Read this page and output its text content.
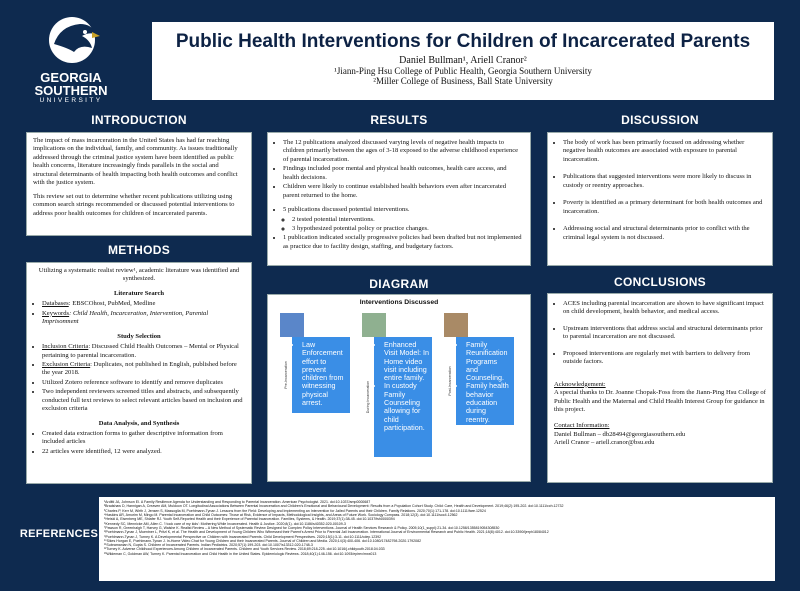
GEORGIA
SOUTHERN
UNIVERSITY
Public Health Interventions for Children of Incarcerated Parents
Daniel Bullman¹, Ariell Cranor²
¹Jiann-Ping Hsu College of Public Health, Georgia Southern University
²Miller College of Business, Ball State University
INTRODUCTION

The impact of mass incarceration in the United States has had far reaching implications on the individual, family, and community. As issues traditionally addressed through the criminal justice system have been identified as public health concerns, literature increasingly finds parallels in the social and structural determinants of health impacting both health outcomes and conflict with the justice system.

This review set out to determine whether recent publications utilizing using common search strings recommended or discussed potential interventions to address poor health outcomes for children of incarcerated parents.

METHODS

Utilizing a systematic realist review¹, academic literature was identified and synthesized.

Literature Search
• Databases: EBSCOhost, PubMed, Medline
• Keywords: Child Health, Incarceration, Intervention, Parental Imprisonment
Study Selection
• Inclusion Criteria: Discussed Child Health Outcomes – Mental or Physical pertaining to parental incarceration.
• Exclusion Criteria: Duplicates, not published in English, published before the year 2018.
• Utilized Zotero reference software to identify and remove duplicates
• Two independent reviewers screened titles and abstracts, and subsequently conducted full text reviews to select relevant articles based on inclusion and exclusion criteria
Data Analysis, and Synthesis
• Created data extraction forms to gather descriptive information from included articles
• 22 articles were identified, 12 were analyzed.
RESULTS
• The 12 publications analyzed discussed varying levels of negative health impacts to children primarily between the ages of 3-18 exposed to the adverse childhood experience of parental incarceration.
• Findings included poor mental and physical health outcomes, health care access, and health decisions.
• Children were likely to continue established health behaviors even after incarcerated parent returned to the home.
• 5 publications discussed potential interventions.
◦ 2 tested potential interventions.
◦ 3 hypothesized potential policy or practice changes.
• 1 publication indicated socially progressive policies had been drafted but not implemented as practice due to facility design, staffing, and budgetary factors.
DIAGRAM
Interventions Discussed
Pre-Incarceration
• Law Enforcement effort to prevent children from witnessing physical arrest.	During Incarceration
• Enhanced Visit Model: In Home video visit including entire family.
• In custody Family Counseling allowing for child participation.
Post-Incarceration
• Family Reunification Programs and Counseling.
• Family health behavior education during reentry.
DISCUSSION
• The body of work has been primarily focused on addressing whether negative health outcomes are associated with exposure to parental incarceration.
• Publications that suggested interventions were more likely to discuss in custody or reentry approaches.
• Poverty is identified as a primary determinant for both health outcomes and incarceration.
• Addressing social and structural determinants prior to conflict with the criminal legal system is not discussed.
CONCLUSIONS
• ACES including parental incarceration are shown to have significant impact on child development, health behavior, and medical access.
• Upstream interventions that address social and structural determinants prior to parental incarceration are not discussed.
• Proposed interventions are regularly met with barriers to delivery from outside factors.
Acknowledgement:
A special thanks to Dr. Joanne Chopak-Foss from the Jiann-Ping Hsu College of Public Health and the Maternal and Child Health Interest Group for guidance in this project.
Contact Information:
Daniel Bullman – db28494@georgiasouthern.edu
Ariell Cranor – ariell.cranor@bsu.edu
REFERENCES
¹Arditti JA, Johnson EI. A Family Resilience Agenda for Understanding and Responding to Parental Incarceration. American Psychologist. 2021. doi:10.1037/amp0000687
²Bradshaw D, Hannigan A, Creaven AM, Muldoon OT. Longitudinal Associations Between Parental Incarceration and Children's Emotional and Behavioural Development: Results from a Population Cohort Study. Child: Care, Health and Development. 2019;46(2):195-202. doi:10.1111/cch.12732
³Charles P, Kerr M, Wirth J, Jensen S, Massoglia M, Poehlmann-Tynan J. Lessons from the Field: Developing and Implementing an Intervention for Jailed Parents and their Children. Family Relations. 2020;70(1):171-178. doi:10.1111/fare.12524
⁴Haskins AR, Amorim M, Mingo M. Parental Incarceration and Child Outcomes: Those at Risk, Evidence of Impacts, Methodological Insights, and Areas of Future Work. Sociology Compass. 2018;12(3). doi:10.1111/soc4.12562
⁵Heiski A, Eisenberg ME, Shlafer RJ. Youth Self-Reported Health and their Experience of Parental Incarceration. Families, Systems, & Health. 2019;37(1):38-45. doi:10.1037/fsh0000394
⁶Kennedy SC, Mennicke AM, Allen C. 'I took care of my kids': Mothering While Incarcerated. Health & Justice. 2020;8(1). doi:10.1186/s40352-020-00109-3
⁷Pawson R, Greenhalgh T, Harvey G, Walshe K. Realist Review – A New Method of Systematic Review Designed for Complex Policy Interventions. Journal of Health Services Research & Policy. 2005;10(1_suppl):21-34. doi:10.1258/1355819054308530
⁸Poehlmann-Tynan J, Muentner L, Pritzl K, et al. The Health and Development of Young Children Who Witnessed their Parent's Arrest Prior to Parental Jail Incarceration. International Journal of Environmental Research and Public Health. 2021;18(8):4012. doi:10.3390/ijerph18084012
⁹Poehlmann-Tynan J, Turney K. A Developmental Perspective on Children with Incarcerated Parents. Child Development Perspectives. 2020;15(1):3-11. doi:10.1111/cdep.12392
¹⁰Sikes Horgan E, Poehlmann-Tynan J. In-Home Video Chat for Young Children and their Incarcerated Parents. Journal of Children and Media. 2020;14(3):400-406. doi:10.1080/17482798.2020.1792082
¹¹Subramanian N, Gupta S. Children of Incarcerated Parents. Indian Pediatrics. 2020;57(1):199-203. doi:10.1007/s13312-020-1748-3
¹²Turney K. Adverse Childhood Experiences Among Children of Incarcerated Parents. Children and Youth Services Review. 2018;89:218-225. doi:10.1016/j.childyouth.2018.04.033
¹³Wildeman C, Goldman AW, Turney K. Parental Incarceration and Child Health in the United States. Epidemiologic Reviews. 2018;40(1):146-156. doi:10.1093/epirev/mxx013
